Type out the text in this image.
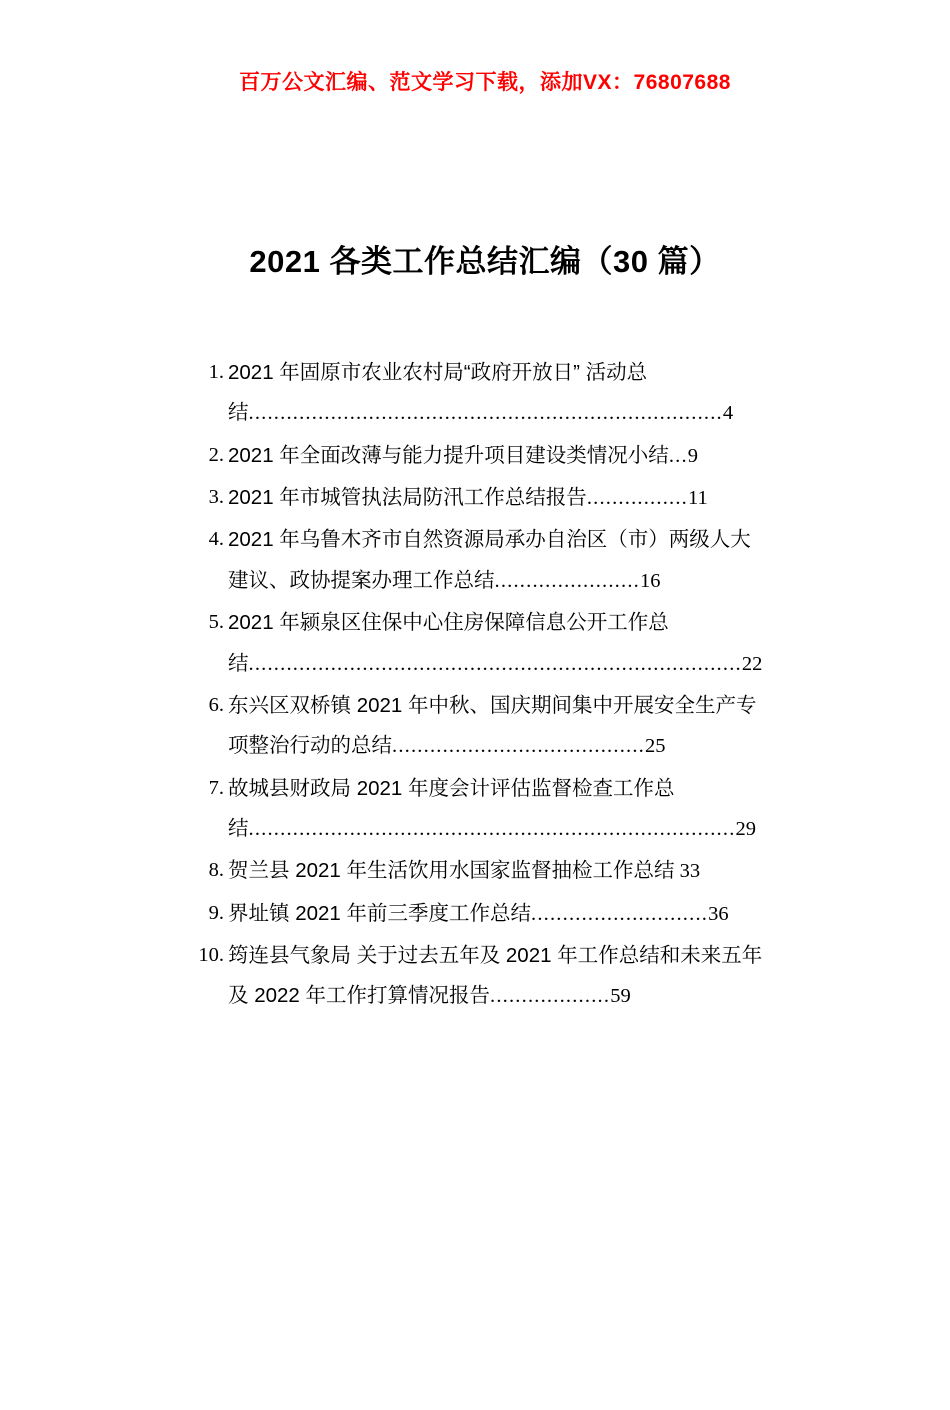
百万公文汇编、范文学习下载，添加VX：76807688
2021 各类工作总结汇编（30 篇）
1. 2021 年固原市农业农村局“政府开放日” 活动总结...........................................................................4
2. 2021 年全面改薄与能力提升项目建设类情况小结...9
3. 2021 年市城管执法局防汛工作总结报告................11
4. 2021 年乌鲁木齐市自然资源局承办自治区（市）两级人大建议、政协提案办理工作总结.......................16
5. 2021 年颍泉区住保中心住房保障信息公开工作总结..............................................................................22
6. 东兴区双桥镇 2021 年中秋、国庆期间集中开展安全生产专项整治行动的总结........................................25
7. 故城县财政局 2021 年度会计评估监督检查工作总结.............................................................................29
8. 贺兰县 2021 年生活饮用水国家监督抽检工作总结 33
9. 界址镇 2021 年前三季度工作总结............................36
10. 筠连县气象局 关于过去五年及 2021 年工作总结和未来五年 及 2022 年工作打算情况报告...................59
